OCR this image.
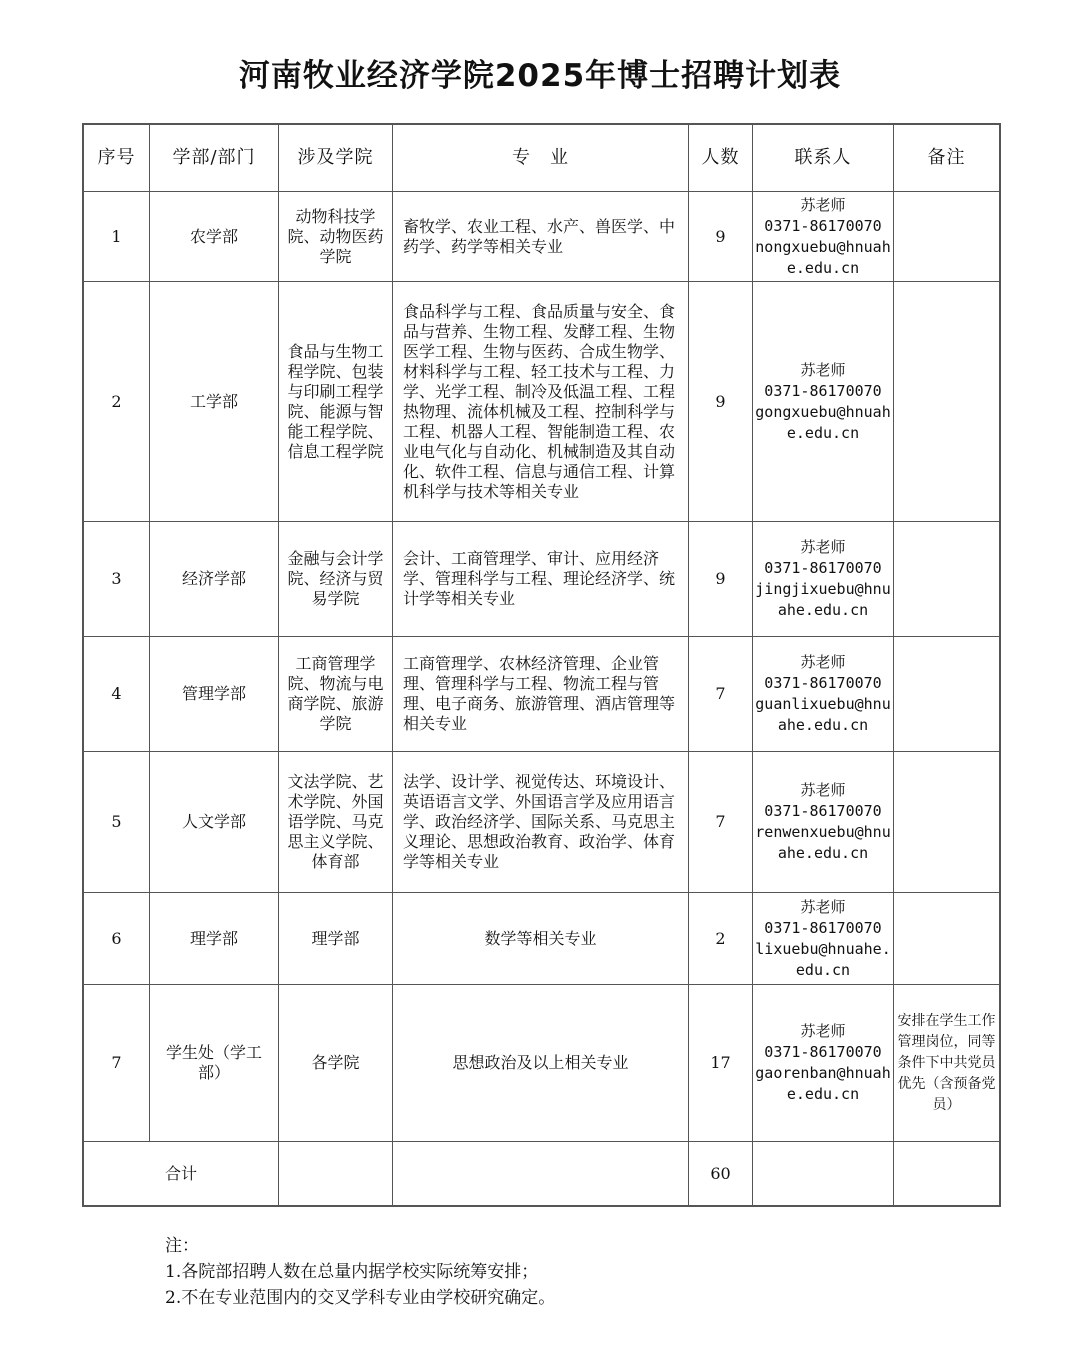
河南牧业经济学院2025年博士招聘计划表
序号	学部/部门	涉及学院	专　业	人数	联系人	备注
1	农学部	动物科技学院、动物医药学院	畜牧学、农业工程、水产、兽医学、中药学、药学等相关专业	9	苏老师
0371-86170070
nongxuebu@hnuahe.edu.cn	

2	工学部	食品与生物工程学院、包装与印刷工程学院、能源与智能工程学院、信息工程学院	食品科学与工程、食品质量与安全、食品与营养、生物工程、发酵工程、生物医学工程、生物与医药、合成生物学、材料科学与工程、轻工技术与工程、力学、光学工程、制冷及低温工程、工程热物理、流体机械及工程、控制科学与工程、机器人工程、智能制造工程、农业电气化与自动化、机械制造及其自动化、软件工程、信息与通信工程、计算机科学与技术等相关专业	9	苏老师
0371-86170070
gongxuebu@hnuahe.edu.cn	

3	经济学部	金融与会计学院、经济与贸易学院	会计、工商管理学、审计、应用经济学、管理科学与工程、理论经济学、统计学等相关专业	9	苏老师
0371-86170070
jingjixuebu@hnuahe.edu.cn	

4	管理学部	工商管理学院、物流与电商学院、旅游学院	工商管理学、农林经济管理、企业管理、管理科学与工程、物流工程与管理、电子商务、旅游管理、酒店管理等相关专业	7	苏老师
0371-86170070
guanlixuebu@hnuahe.edu.cn	

5	人文学部	文法学院、艺术学院、外国语学院、马克思主义学院、体育部	法学、设计学、视觉传达、环境设计、英语语言文学、外国语言学及应用语言学、政治经济学、国际关系、马克思主义理论、思想政治教育、政治学、体育学等相关专业	7	苏老师
0371-86170070
renwenxuebu@hnuahe.edu.cn	

6	理学部	理学部	数学等相关专业	2	苏老师
0371-86170070
lixuebu@hnuahe.edu.cn	

7	学生处（学工部）	各学院	思想政治及以上相关专业	17	苏老师
0371-86170070
gaorenban@hnuahe.edu.cn	安排在学生工作管理岗位，同等条件下中共党员优先（含预备党员）
合计				60		
注：
1.各院部招聘人数在总量内据学校实际统筹安排；
2.不在专业范围内的交叉学科专业由学校研究确定。
